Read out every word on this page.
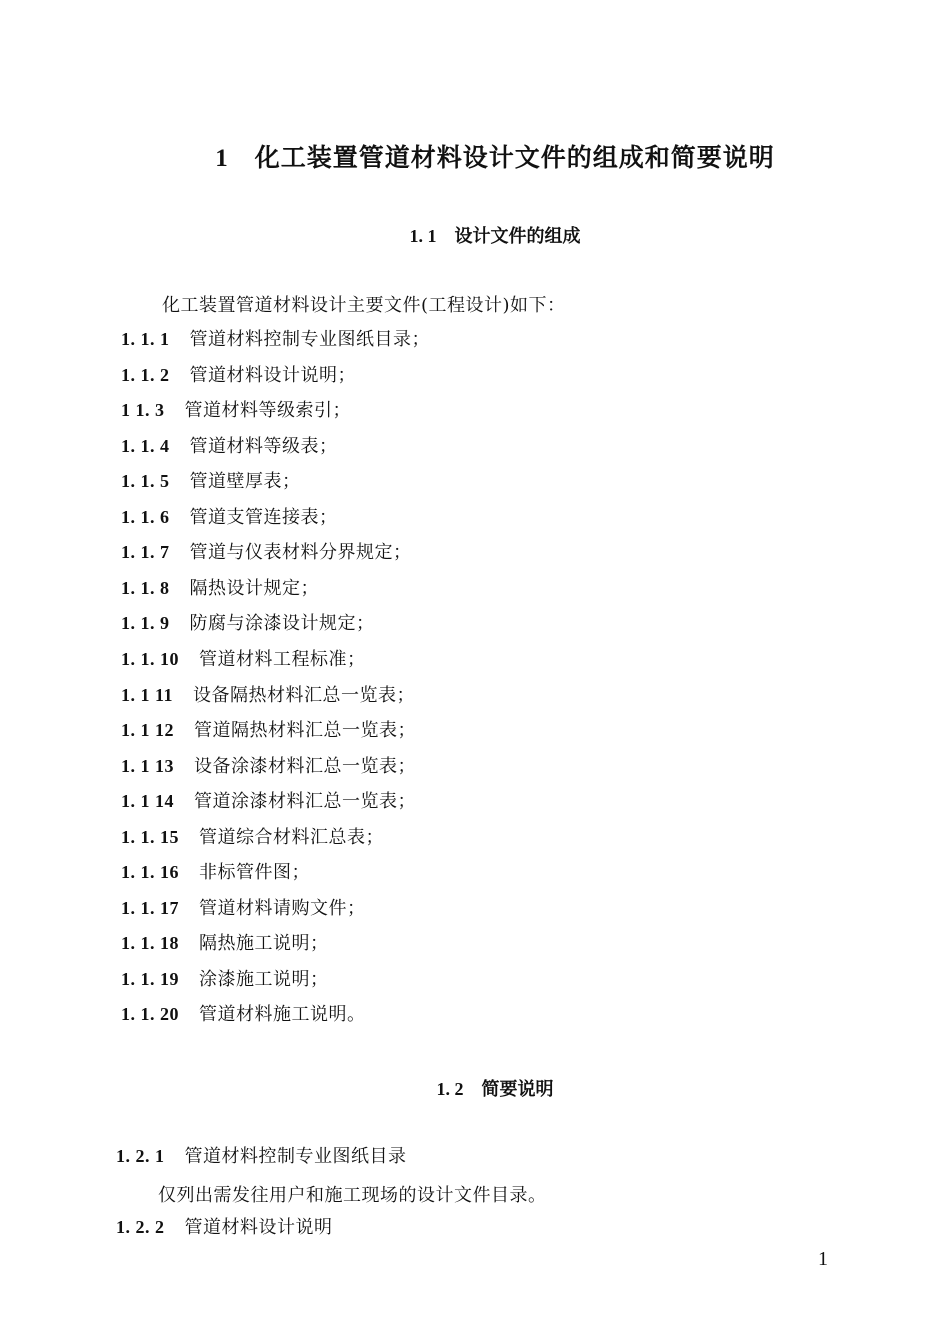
1 化工装置管道材料设计文件的组成和简要说明
1. 1 设计文件的组成
化工装置管道材料设计主要文件(工程设计)如下：
1. 1. 1 管道材料控制专业图纸目录；
1. 1. 2 管道材料设计说明；
1 1. 3 管道材料等级索引；
1. 1. 4 管道材料等级表；
1. 1. 5 管道壁厚表；
1. 1. 6 管道支管连接表；
1. 1. 7 管道与仪表材料分界规定；
1. 1. 8 隔热设计规定；
1. 1. 9 防腐与涂漆设计规定；
1. 1. 10 管道材料工程标准；
1. 1 11 设备隔热材料汇总一览表；
1. 1 12 管道隔热材料汇总一览表；
1. 1 13 设备涂漆材料汇总一览表；
1. 1 14 管道涂漆材料汇总一览表；
1. 1. 15 管道综合材料汇总表；
1. 1. 16 非标管件图；
1. 1. 17 管道材料请购文件；
1. 1. 18 隔热施工说明；
1. 1. 19 涂漆施工说明；
1. 1. 20 管道材料施工说明。
1. 2 简要说明
1. 2. 1 管道材料控制专业图纸目录
仅列出需发往用户和施工现场的设计文件目录。
1. 2. 2 管道材料设计说明
1
